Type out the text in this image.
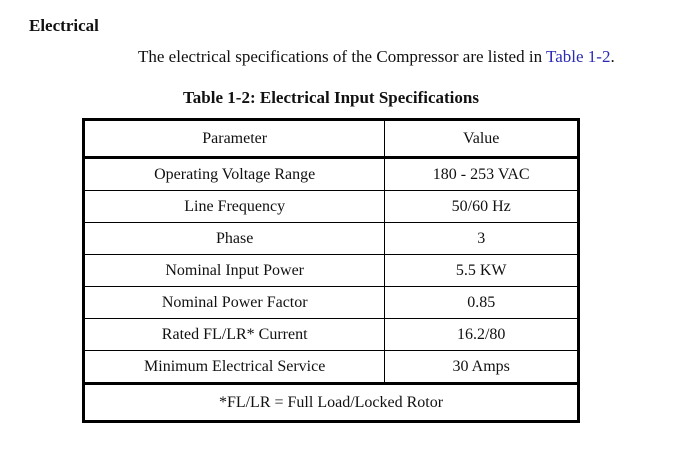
Electrical

The electrical specifications of the Compressor are listed in Table 1-2.

Table 1-2: Electrical Input Specifications
Parameter	Value
Operating Voltage Range	180 - 253 VAC
Line Frequency	50/60 Hz
Phase	3
Nominal Input Power	5.5 KW
Nominal Power Factor	0.85
Rated FL/LR* Current	16.2/80
Minimum Electrical Service	30 Amps
*FL/LR = Full Load/Locked Rotor	
